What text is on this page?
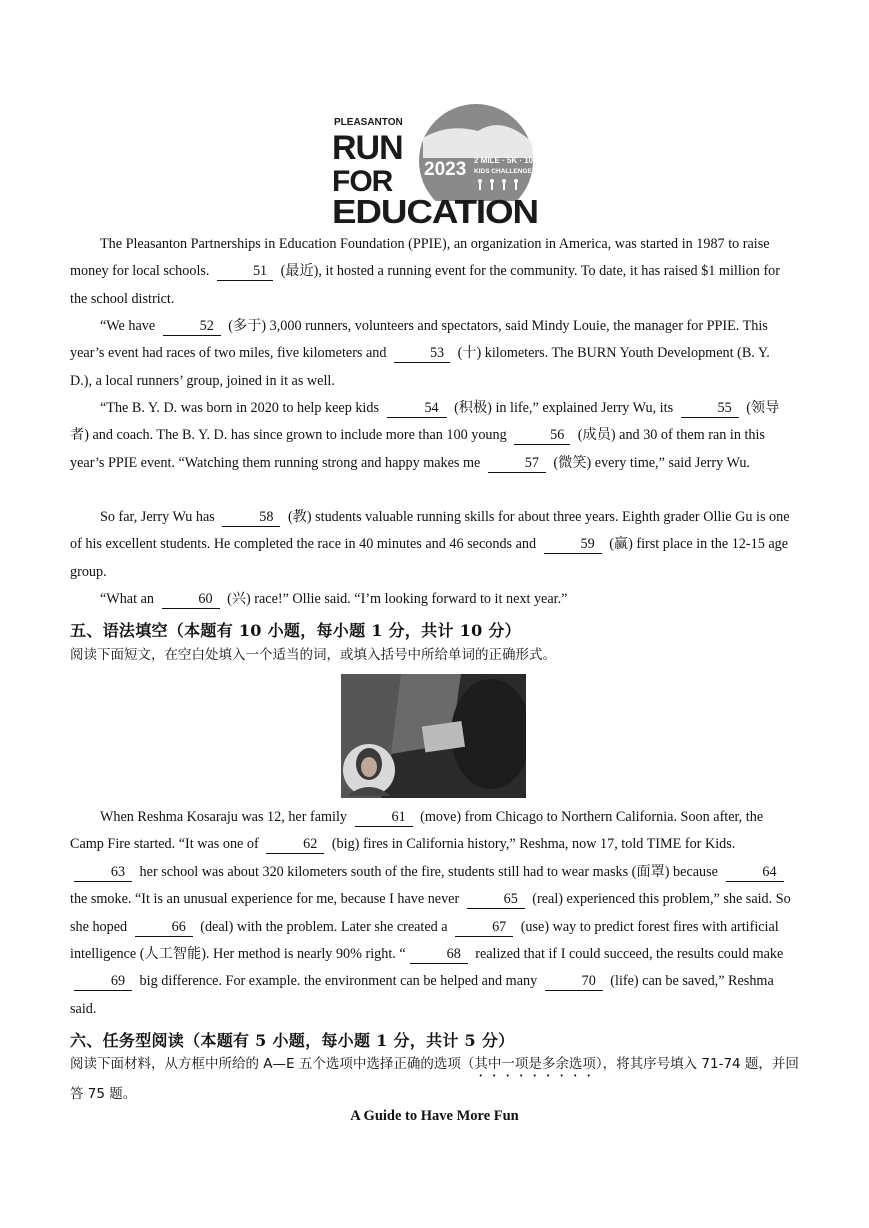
PLEASANTON
RUN
FOR
EDUCATION
2023 2 MILE · 5K · 10K
KIDS CHALLENGE

The Pleasanton Partnerships in Education Foundation (PPIE), an organization in America, was started in 1987 to raise money for local schools.	51 (最近), it hosted a running event for the community. To date, it has raised $1 million for the school district.

“We have	52 (多于) 3,000 runners, volunteers and spectators, said Mindy Louie, the manager for PPIE. This year’s event had races of two miles, five kilometers and	53 (十) kilometers. The BURN Youth Development (B. Y. D.), a local runners’ group, joined in it as well.

“The B. Y. D. was born in 2020 to help keep kids	54 (积极) in life,” explained Jerry Wu, its	55 (领导者) and coach. The B. Y. D. has since grown to include more than 100 young	56 (成员) and 30 of them ran in this year’s PPIE event. “Watching them running strong and happy makes me	57 (微笑) every time,” said Jerry Wu.

So far, Jerry Wu has	58 (教) students valuable running skills for about three years. Eighth grader Ollie Gu is one of his excellent students. He completed the race in 40 minutes and 46 seconds and	59 (赢) first place in the 12-15 age group.

“What an	60 (兴) race!” Ollie said. “I’m looking forward to it next year.”

五、语法填空（本题有 10 小题，每小题 1 分，共计 10 分）

阅读下面短文，在空白处填入一个适当的词，或填入括号中所给单词的正确形式。

When Reshma Kosaraju was 12, her family	61 (move) from Chicago to Northern California. Soon after, the Camp Fire started. “It was one of	62 (big) fires in California history,” Reshma, now 17, told TIME for Kids. 63 her school was about 320 kilometers south of the fire, students still had to wear masks (面罩) because	64 the smoke. “It is an unusual experience for me, because I have never	65 (real) experienced this problem,” she said. So she hoped	66 (deal) with the problem. Later she created a	67 (use) way to predict forest fires with artificial intelligence (人工智能). Her method is nearly 90% right. “	68 realized that if I could succeed, the results could make 69 big difference. For example. the environment can be helped and many	70 (life) can be saved,” Reshma said.

六、任务型阅读（本题有 5 小题，每小题 1 分，共计 5 分）

阅读下面材料，从方框中所给的 A—E 五个选项中选择正确的选项（其中一项是多余选项），将其序号填入 71-74 题，并回答 75 题。

A Guide to Have More Fun
